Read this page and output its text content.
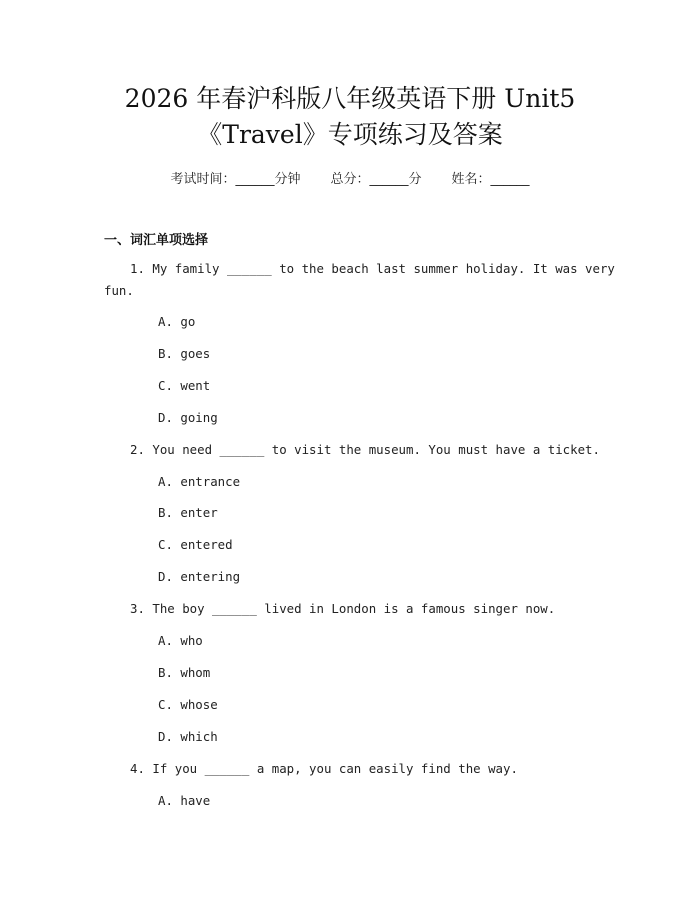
2026 年春沪科版八年级英语下册 Unit5
《Travel》专项练习及答案
考试时间：______分钟 总分：______分 姓名：______
一、词汇单项选择
1. My family ______ to the beach last summer holiday. It was very
fun.
A. go
B. goes
C. went
D. going
2. You need ______ to visit the museum. You must have a ticket.
A. entrance
B. enter
C. entered
D. entering
3. The boy ______ lived in London is a famous singer now.
A. who
B. whom
C. whose
D. which
4. If you ______ a map, you can easily find the way.
A. have
